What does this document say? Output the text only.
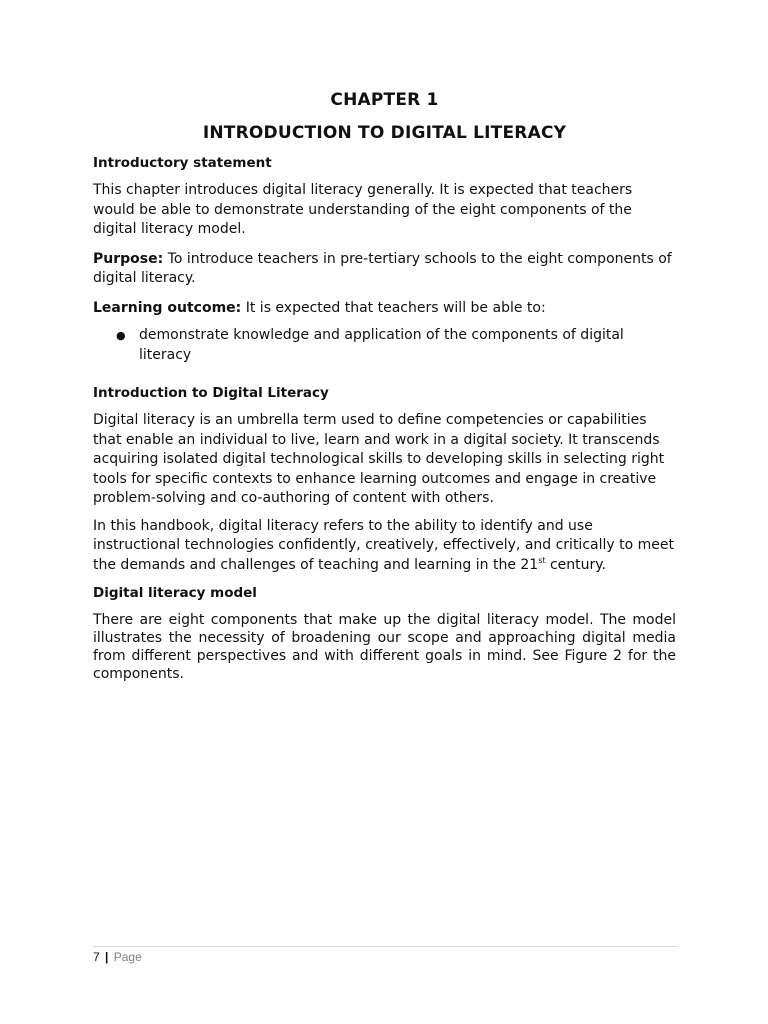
CHAPTER 1
INTRODUCTION TO DIGITAL LITERACY
Introductory statement

This chapter introduces digital literacy generally. It is expected that teachers would be able to demonstrate understanding of the eight components of the digital literacy model.

Purpose: To introduce teachers in pre-tertiary schools to the eight components of digital literacy.

Learning outcome: It is expected that teachers will be able to:

● demonstrate knowledge and application of the components of digital literacy
Introduction to Digital Literacy

Digital literacy is an umbrella term used to define competencies or capabilities that enable an individual to live, learn and work in a digital society. It transcends acquiring isolated digital technological skills to developing skills in selecting right tools for specific contexts to enhance learning outcomes and engage in creative problem-solving and co-authoring of content with others.

In this handbook, digital literacy refers to the ability to identify and use instructional technologies confidently, creatively, effectively, and critically to meet the demands and challenges of teaching and learning in the 21st century.

Digital literacy model

There are eight components that make up the digital literacy model. The model illustrates the necessity of broadening our scope and approaching digital media from different perspectives and with different goals in mind. See Figure 2 for the components.

7 | Page
